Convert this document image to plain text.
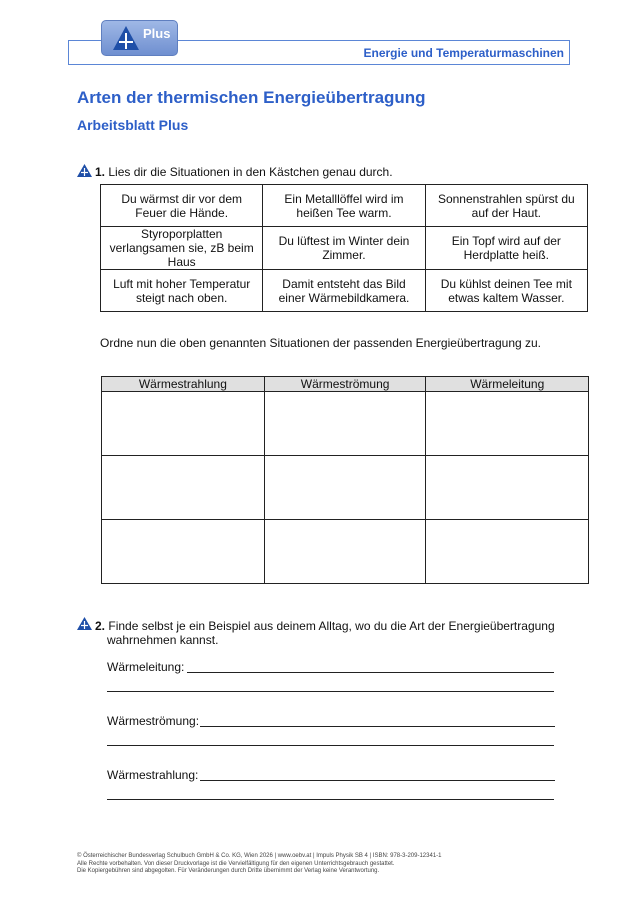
Energie und Temperaturmaschinen
Plus
Arten der thermischen Energieübertragung
Arbeitsblatt Plus
1. Lies dir die Situationen in den Kästchen genau durch.
Du wärmst dir vor dem Feuer die Hände.	Ein Metalllöffel wird im heißen Tee warm.	Sonnenstrahlen spürst du auf der Haut.
Styroporplatten verlangsamen sie, zB beim Haus	Du lüftest im Winter dein Zimmer.	Ein Topf wird auf der Herdplatte heiß.
Luft mit hoher Temperatur steigt nach oben.	Damit entsteht das Bild einer Wärmebildkamera.	Du kühlst deinen Tee mit etwas kaltem Wasser.
Ordne nun die oben genannten Situationen der passenden Energieübertragung zu.
Wärmestrahlung	Wärmeströmung	Wärmeleitung

2. Finde selbst je ein Beispiel aus deinem Alltag, wo du die Art der Energieübertragung
wahrnehmen kannst.
Wärmeleitung:
Wärmeströmung:
Wärmestrahlung:
© Österreichischer Bundesverlag Schulbuch GmbH & Co. KG, Wien 2026 | www.oebv.at | Impuls Physik SB 4 | ISBN: 978-3-209-12341-1
Alle Rechte vorbehalten. Von dieser Druckvorlage ist die Vervielfältigung für den eigenen Unterrichtsgebrauch gestattet.
Die Kopiergebühren sind abgegolten. Für Veränderungen durch Dritte übernimmt der Verlag keine Verantwortung.
